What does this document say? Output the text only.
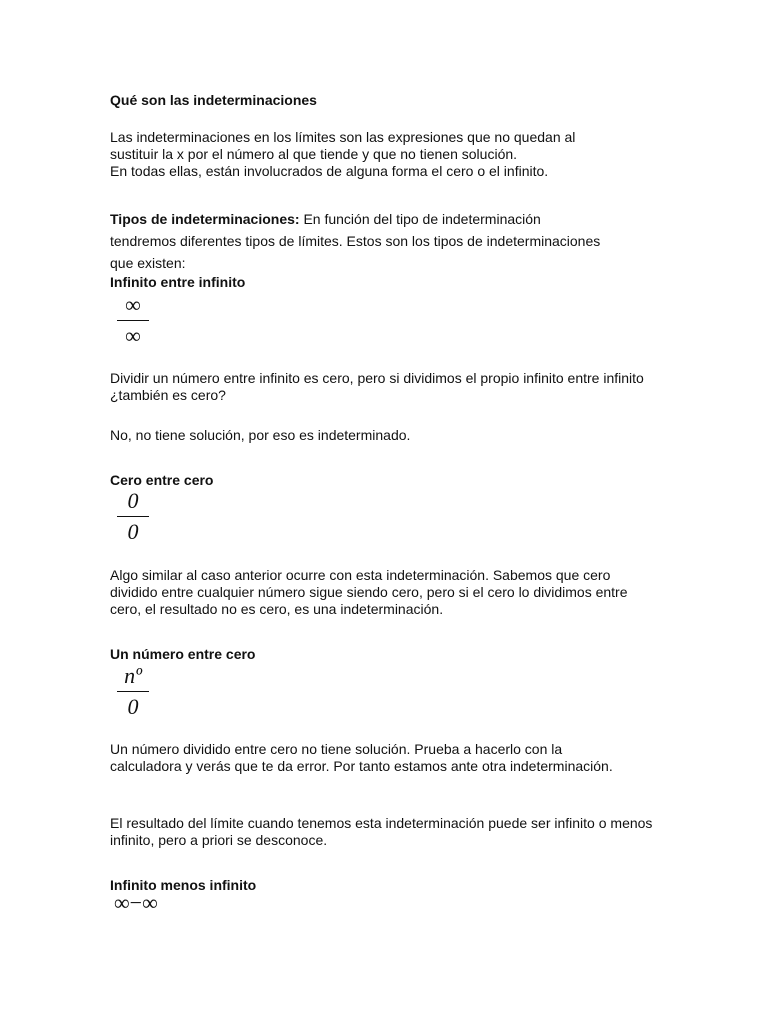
Qué son las indeterminaciones
Las indeterminaciones en los límites son las expresiones que no quedan al
sustituir la x por el número al que tiende y que no tienen solución.
En todas ellas, están involucrados de alguna forma el cero o el infinito.
Tipos de indeterminaciones: En función del tipo de indeterminación
tendremos diferentes tipos de límites. Estos son los tipos de indeterminaciones
que existen:
Infinito entre infinito
∞
∞
Dividir un número entre infinito es cero, pero si dividimos el propio infinito entre infinito ¿también es cero?
No, no tiene solución, por eso es indeterminado.
Cero entre cero
0
0
Algo similar al caso anterior ocurre con esta indeterminación. Sabemos que cero dividido entre cualquier número sigue siendo cero, pero si el cero lo dividimos entre cero, el resultado no es cero, es una indeterminación.
Un número entre cero
nº
0
Un número dividido entre cero no tiene solución. Prueba a hacerlo con la calculadora y verás que te da error. Por tanto estamos ante otra indeterminación.
El resultado del límite cuando tenemos esta indeterminación puede ser infinito o menos infinito, pero a priori se desconoce.
Infinito menos infinito
∞−∞
